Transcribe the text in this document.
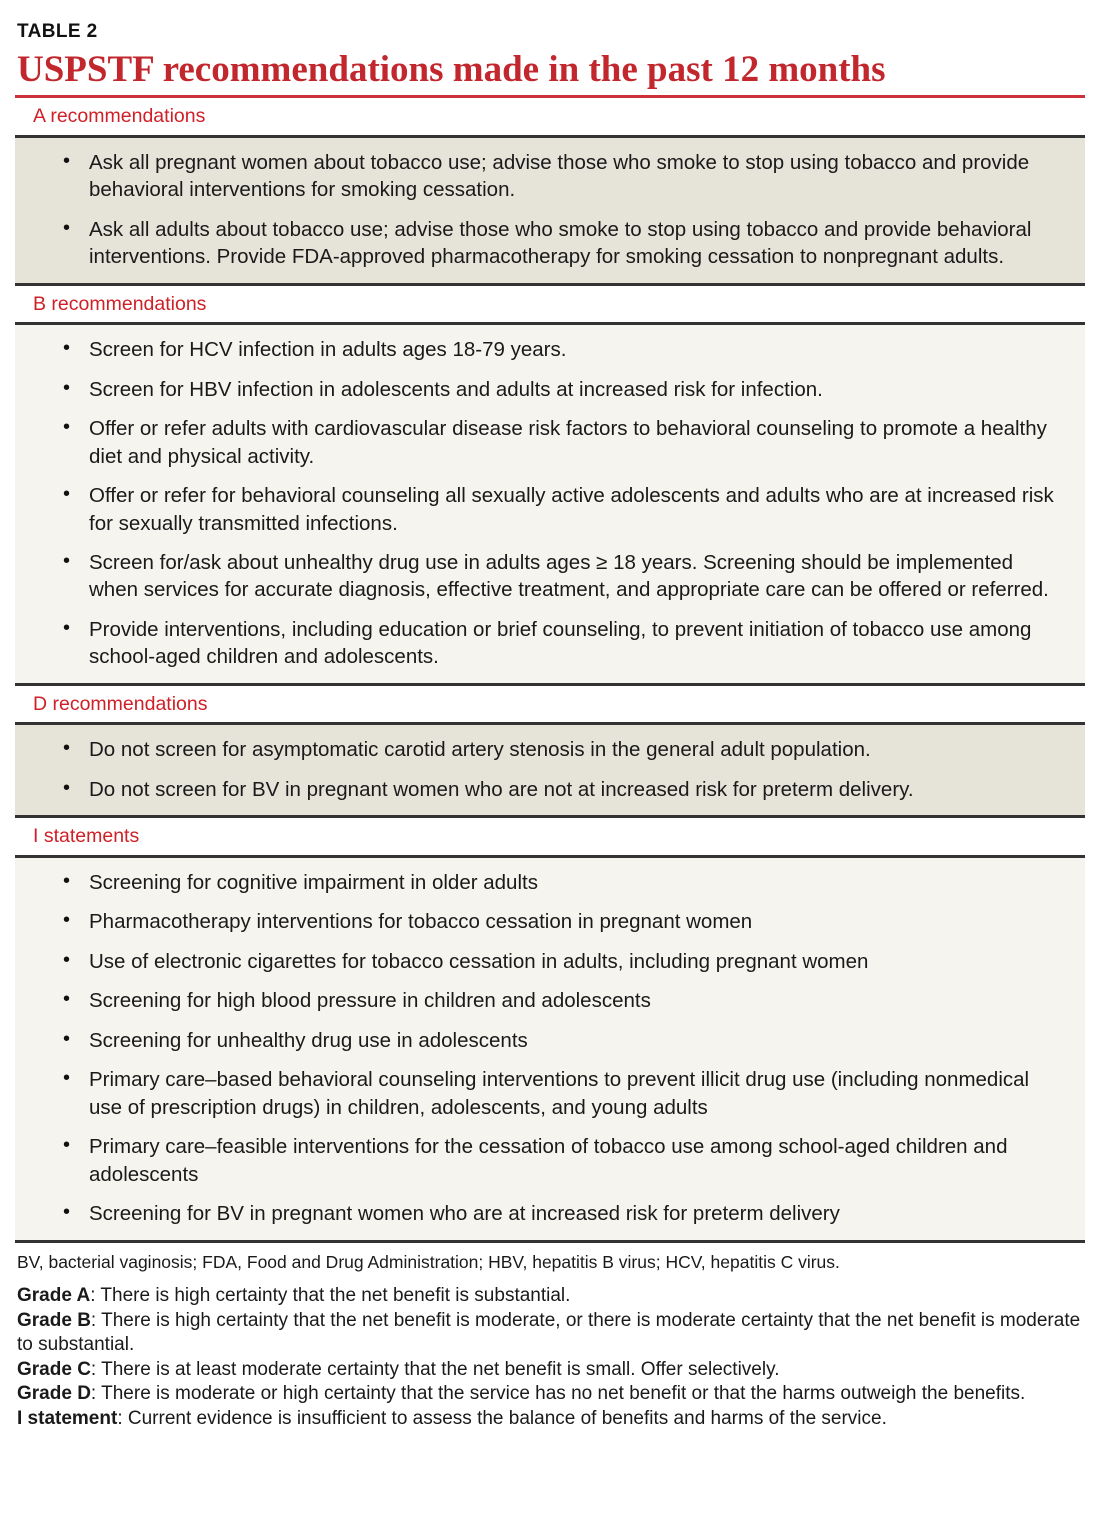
TABLE 2
USPSTF recommendations made in the past 12 months
A recommendations
• Ask all pregnant women about tobacco use; advise those who smoke to stop using tobacco and provide behavioral interventions for smoking cessation.
• Ask all adults about tobacco use; advise those who smoke to stop using tobacco and provide behavioral interventions. Provide FDA-approved pharmacotherapy for smoking cessation to nonpregnant adults.
B recommendations
• Screen for HCV infection in adults ages 18-79 years.
• Screen for HBV infection in adolescents and adults at increased risk for infection.
• Offer or refer adults with cardiovascular disease risk factors to behavioral counseling to promote a healthy diet and physical activity.
• Offer or refer for behavioral counseling all sexually active adolescents and adults who are at increased risk for sexually transmitted infections.
• Screen for/ask about unhealthy drug use in adults ages ≥ 18 years. Screening should be implemented when services for accurate diagnosis, effective treatment, and appropriate care can be offered or referred.
• Provide interventions, including education or brief counseling, to prevent initiation of tobacco use among school-aged children and adolescents.
D recommendations
• Do not screen for asymptomatic carotid artery stenosis in the general adult population.
• Do not screen for BV in pregnant women who are not at increased risk for preterm delivery.
I statements
• Screening for cognitive impairment in older adults
• Pharmacotherapy interventions for tobacco cessation in pregnant women
• Use of electronic cigarettes for tobacco cessation in adults, including pregnant women
• Screening for high blood pressure in children and adolescents
• Screening for unhealthy drug use in adolescents
• Primary care–based behavioral counseling interventions to prevent illicit drug use (including nonmedical use of prescription drugs) in children, adolescents, and young adults
• Primary care–feasible interventions for the cessation of tobacco use among school-aged children and adolescents
• Screening for BV in pregnant women who are at increased risk for preterm delivery
BV, bacterial vaginosis; FDA, Food and Drug Administration; HBV, hepatitis B virus; HCV, hepatitis C virus.
Grade A: There is high certainty that the net benefit is substantial.
Grade B: There is high certainty that the net benefit is moderate, or there is moderate certainty that the net benefit is moderate to substantial.
Grade C: There is at least moderate certainty that the net benefit is small. Offer selectively.
Grade D: There is moderate or high certainty that the service has no net benefit or that the harms outweigh the benefits.
I statement: Current evidence is insufficient to assess the balance of benefits and harms of the service.
